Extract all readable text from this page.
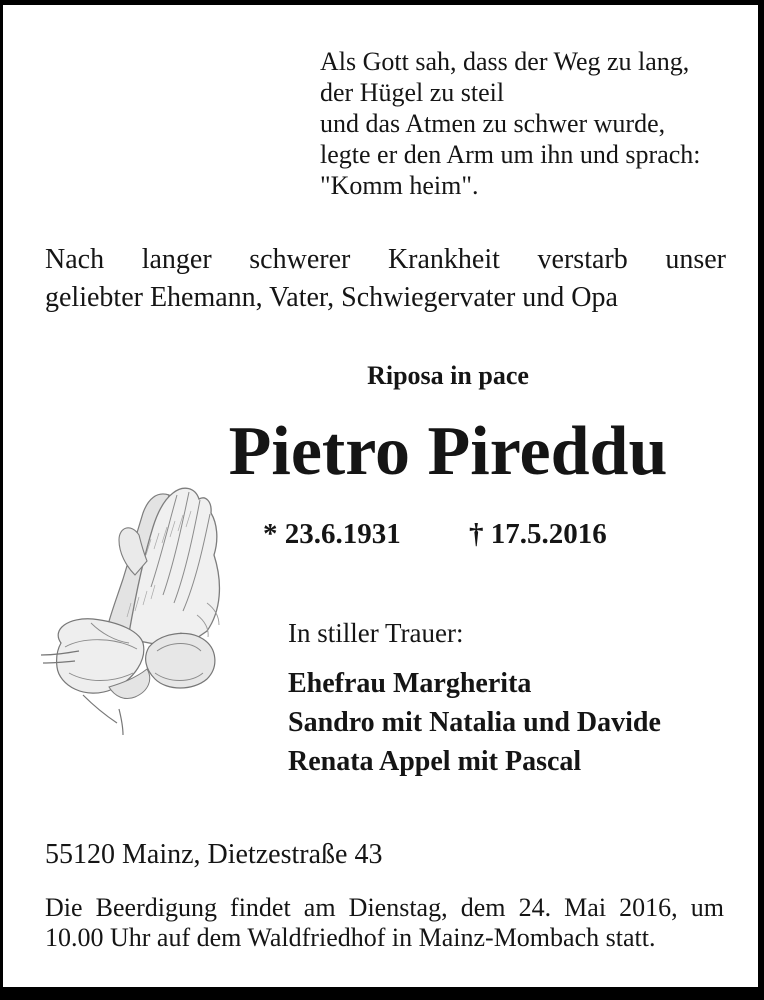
Als Gott sah, dass der Weg zu lang,
der Hügel zu steil
und das Atmen zu schwer wurde,
legte er den Arm um ihn und sprach:
"Komm heim".
Nach langer schwerer Krankheit verstarb unser
geliebter Ehemann, Vater, Schwiegervater und Opa
Riposa in pace
Pietro Pireddu
* 23.6.1931 † 17.5.2016
In stiller Trauer:
Ehefrau Margherita
Sandro mit Natalia und Davide
Renata Appel mit Pascal
55120 Mainz, Dietzestraße 43
Die Beerdigung findet am Dienstag, dem 24. Mai 2016, um
10.00 Uhr auf dem Waldfriedhof in Mainz-Mombach statt.
